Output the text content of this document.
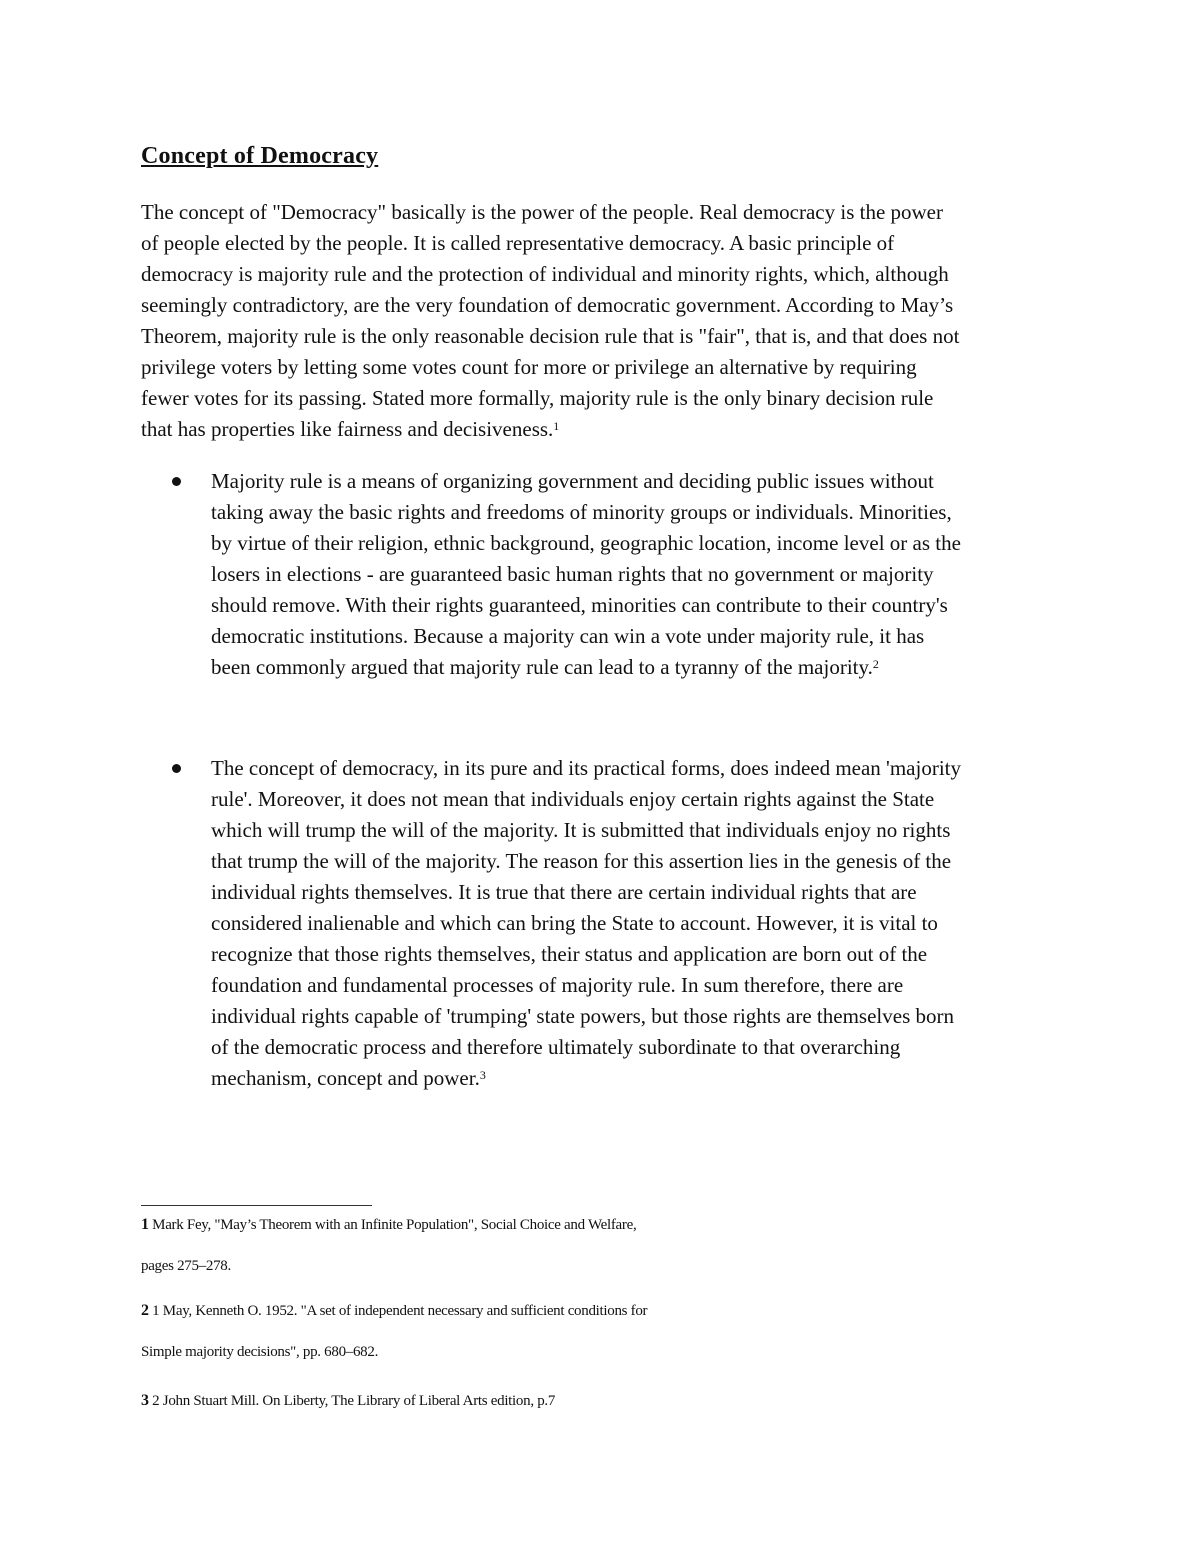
Concept of Democracy
The concept of "Democracy" basically is the power of the people. Real democracy is the power
of people elected by the people. It is called representative democracy. A basic principle of
democracy is majority rule and the protection of individual and minority rights, which, although
seemingly contradictory, are the very foundation of democratic government. According to May’s
Theorem, majority rule is the only reasonable decision rule that is "fair", that is, and that does not
privilege voters by letting some votes count for more or privilege an alternative by requiring
fewer votes for its passing. Stated more formally, majority rule is the only binary decision rule
that has properties like fairness and decisiveness.$^1$
Majority rule is a means of organizing government and deciding public issues without
taking away the basic rights and freedoms of minority groups or individuals. Minorities,
by virtue of their religion, ethnic background, geographic location, income level or as the
losers in elections - are guaranteed basic human rights that no government or majority
should remove. With their rights guaranteed, minorities can contribute to their country's
democratic institutions. Because a majority can win a vote under majority rule, it has
been commonly argued that majority rule can lead to a tyranny of the majority.$^2$
The concept of democracy, in its pure and its practical forms, does indeed mean 'majority
rule'. Moreover, it does not mean that individuals enjoy certain rights against the State
which will trump the will of the majority. It is submitted that individuals enjoy no rights
that trump the will of the majority. The reason for this assertion lies in the genesis of the
individual rights themselves. It is true that there are certain individual rights that are
considered inalienable and which can bring the State to account. However, it is vital to
recognize that those rights themselves, their status and application are born out of the
foundation and fundamental processes of majority rule. In sum therefore, there are
individual rights capable of 'trumping' state powers, but those rights are themselves born
of the democratic process and therefore ultimately subordinate to that overarching
mechanism, concept and power.$^3$
1 Mark Fey, "May’s Theorem with an Infinite Population", Social Choice and Welfare,
pages 275–278.
2 1 May, Kenneth O. 1952. "A set of independent necessary and sufficient conditions for
Simple majority decisions", pp. 680–682.
3 2 John Stuart Mill. On Liberty, The Library of Liberal Arts edition, p.7
